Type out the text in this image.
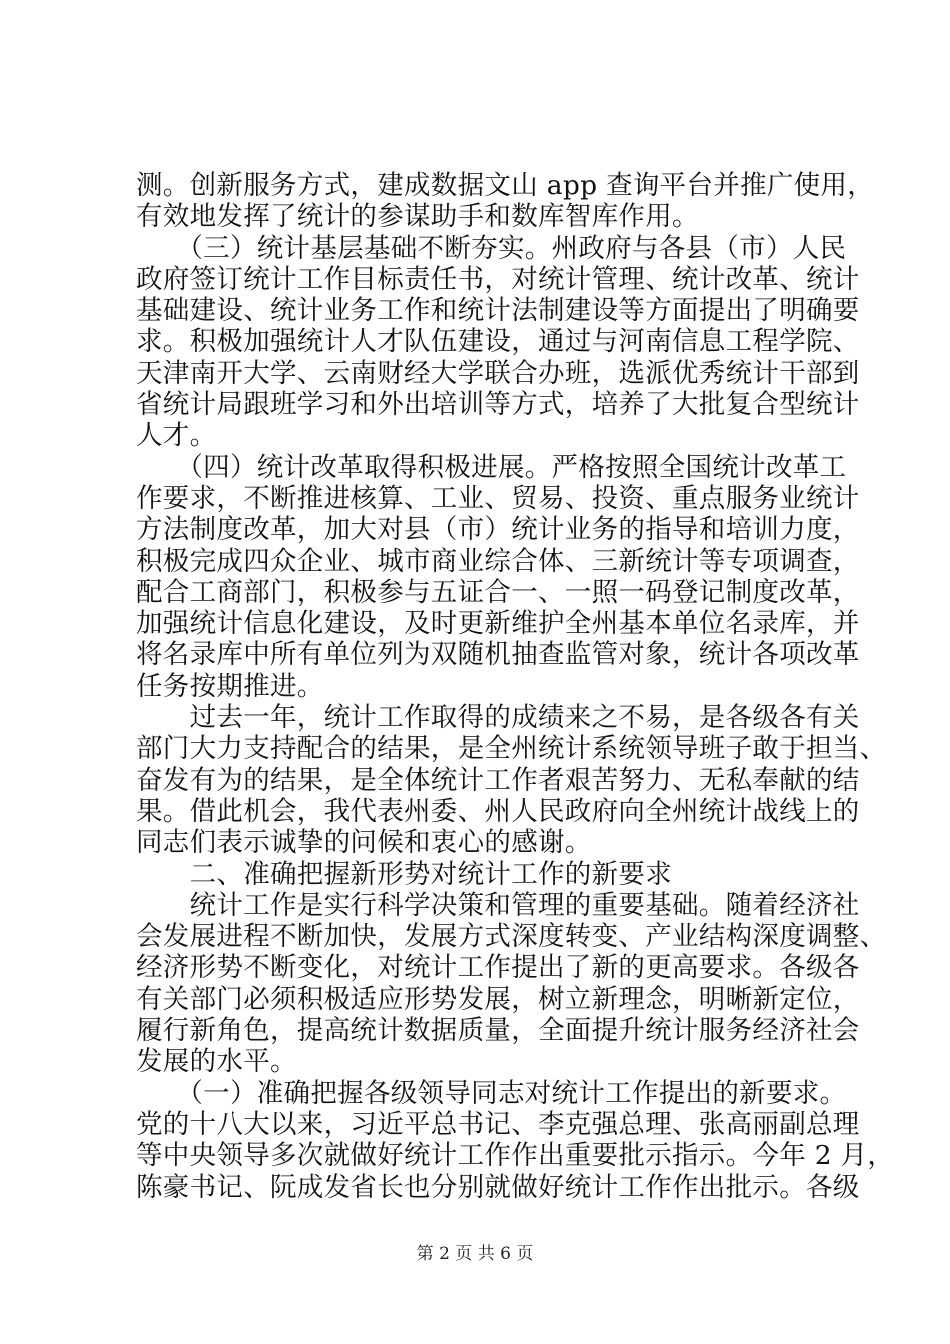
测。创新服务方式，建成数据文山 app 查询平台并推广使用，
有效地发挥了统计的参谋助手和数库智库作用。
　　（三）统计基层基础不断夯实。州政府与各县（市）人民
政府签订统计工作目标责任书，对统计管理、统计改革、统计
基础建设、统计业务工作和统计法制建设等方面提出了明确要
求。积极加强统计人才队伍建设，通过与河南信息工程学院、
天津南开大学、云南财经大学联合办班，选派优秀统计干部到
省统计局跟班学习和外出培训等方式，培养了大批复合型统计
人才。
　　（四）统计改革取得积极进展。严格按照全国统计改革工
作要求，不断推进核算、工业、贸易、投资、重点服务业统计
方法制度改革，加大对县（市）统计业务的指导和培训力度，
积极完成四众企业、城市商业综合体、三新统计等专项调查，
配合工商部门，积极参与五证合一、一照一码登记制度改革，
加强统计信息化建设，及时更新维护全州基本单位名录库，并
将名录库中所有单位列为双随机抽查监管对象，统计各项改革
任务按期推进。
　　过去一年，统计工作取得的成绩来之不易，是各级各有关
部门大力支持配合的结果，是全州统计系统领导班子敢于担当、
奋发有为的结果，是全体统计工作者艰苦努力、无私奉献的结
果。借此机会，我代表州委、州人民政府向全州统计战线上的
同志们表示诚挚的问候和衷心的感谢。
　　二、准确把握新形势对统计工作的新要求
　　统计工作是实行科学决策和管理的重要基础。随着经济社
会发展进程不断加快，发展方式深度转变、产业结构深度调整、
经济形势不断变化，对统计工作提出了新的更高要求。各级各
有关部门必须积极适应形势发展，树立新理念，明晰新定位，
履行新角色，提高统计数据质量，全面提升统计服务经济社会
发展的水平。
　　（一）准确把握各级领导同志对统计工作提出的新要求。
党的十八大以来，习近平总书记、李克强总理、张高丽副总理
等中央领导多次就做好统计工作作出重要批示指示。今年 2 月，
陈豪书记、阮成发省长也分别就做好统计工作作出批示。各级
第 2 页 共 6 页
